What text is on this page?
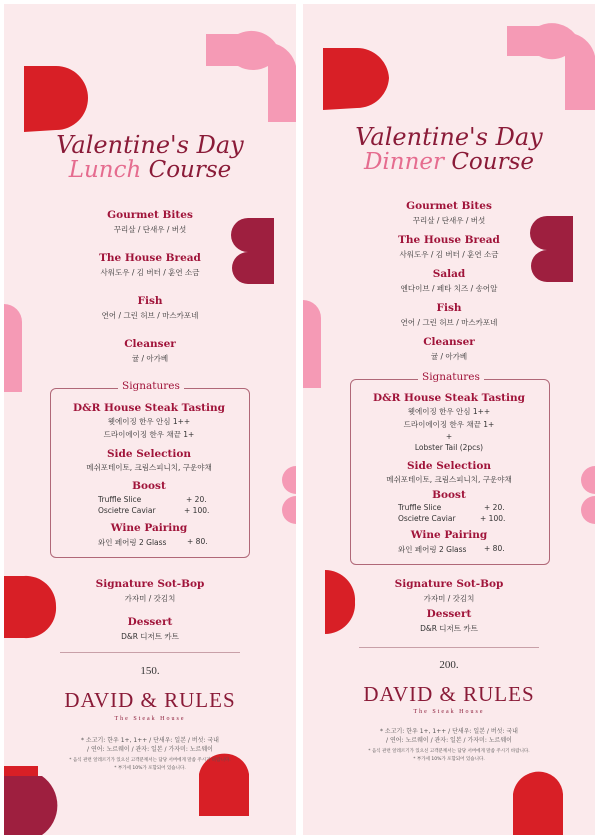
Valentine's Day
Lunch Course
Gourmet Bites
꾸리살 / 단새우 / 버섯
The House Bread
사워도우 / 김 버터 / 훈연 소금
Fish
연어 / 그린 허브 / 마스카포네
Cleanser
귤 / 아가베
Signatures
D&R House Steak Tasting
웻에이징 한우 안심 1++
드라이에이징 한우 채끝 1+
Side Selection
메쉬포테이토, 크림스피니치, 구운야채
Boost
Truffle Slice	+ 20.
Oscietre Caviar	+ 100.
Wine Pairing
와인 페어링 2 Glass	+ 80.
Signature Sot-Bop
가자미 / 갓김치
Dessert
D&R 디저트 카트
150.
DAVID & RULES
The Steak House
* 소고기: 한우 1+, 1++ / 단새우: 일본 / 버섯: 국내
/ 연어: 노르웨이 / 관자: 일본 / 가자미: 노르웨이
* 음식 관련 알레르기가 있으신 고객분께서는 담당 서버에게 말씀 주시기 바랍니다.
* 부가세 10%가 포함되어 있습니다.
Valentine's Day
Dinner Course
Gourmet Bites
꾸리살 / 단새우 / 버섯
The House Bread
사워도우 / 김 버터 / 훈연 소금
Salad
엔다이브 / 페타 치즈 / 송어알
Fish
연어 / 그린 허브 / 마스카포네
Cleanser
귤 / 아가베
Signatures
D&R House Steak Tasting
웻에이징 한우 안심 1++
드라이에이징 한우 채끝 1+
+
Lobster Tail (2pcs)
Side Selection
메쉬포테이토, 크림스피니치, 구운야채
Boost
Truffle Slice	+ 20.
Oscietre Caviar	+ 100.
Wine Pairing
와인 페어링 2 Glass + 80.
Signature Sot-Bop
가자미 / 갓김치
Dessert
D&R 디저트 카트
200.
DAVID & RULES
The Steak House
* 소고기: 한우 1+, 1++ / 단새우: 일본 / 버섯: 국내
/ 연어: 노르웨이 / 관자: 일본 / 가자미: 노르웨이
* 음식 관련 알레르기가 있으신 고객분께서는 담당 서버에게 말씀 주시기 바랍니다.
* 부가세 10%가 포함되어 있습니다.
